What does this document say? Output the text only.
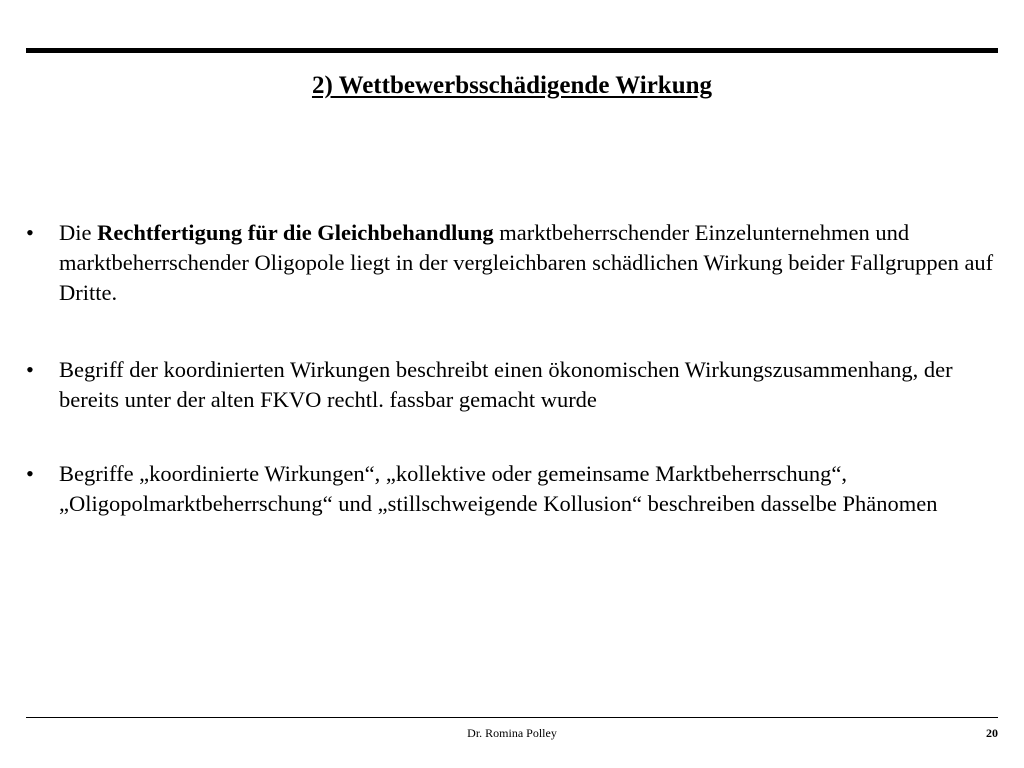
2) Wettbewerbsschädigende Wirkung
•	Die Rechtfertigung für die Gleichbehandlung marktbeherrschender Einzelunternehmen und marktbeherrschender Oligopole liegt in der vergleichbaren schädlichen Wirkung beider Fallgruppen auf Dritte.
•	Begriff der koordinierten Wirkungen beschreibt einen ökonomischen Wirkungszusammenhang, der bereits unter der alten FKVO rechtl. fassbar gemacht wurde
•	Begriffe „koordinierte Wirkungen“, „kollektive oder gemeinsame Marktbeherrschung“, „Oligopolmarktbeherrschung“ und „stillschweigende Kollusion“ beschreiben dasselbe Phänomen
Dr. Romina Polley	20
